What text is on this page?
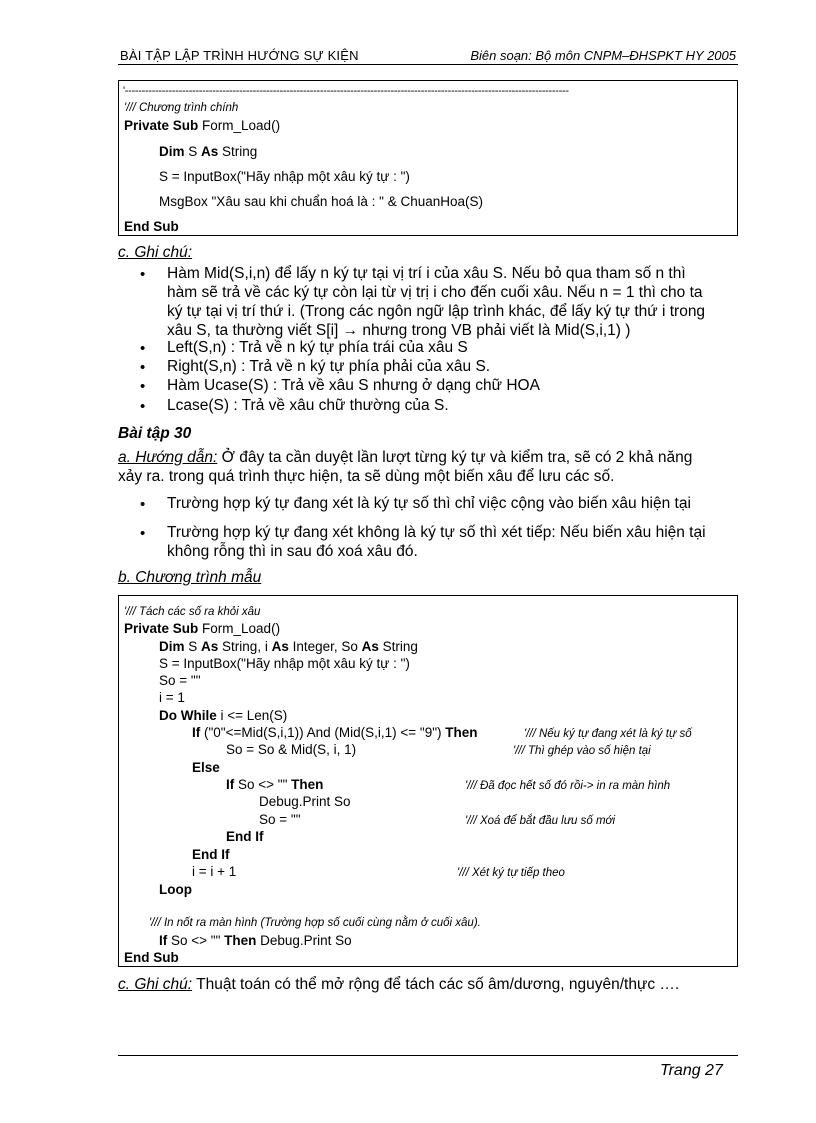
BÀI TẬP LẬP TRÌNH HƯỚNG SỰ KIỆN	Biên soạn: Bộ môn CNPM–ĐHSPKT HY 2005
'------------------------------------------------------------------------------------------------------------------------------------
'/// Chương trình chính
Private Sub Form_Load()
Dim S As String
S = InputBox("Hãy nhập một xâu ký tự : ")
MsgBox "Xâu sau khi chuẩn hoá là : " & ChuanHoa(S)
End Sub
c. Ghi chú:
• Hàm Mid(S,i,n) để lấy n ký tự tại vị trí i của xâu S. Nếu bỏ qua tham số n thì
hàm sẽ trả về các ký tự còn lại từ vị trị i cho đến cuối xâu. Nếu n = 1 thì cho ta
ký tự tại vị trí thứ i. (Trong các ngôn ngữ lập trình khác, để lấy ký tự thứ i trong
xâu S, ta thường viết S[i] → nhưng trong VB phải viết là Mid(S,i,1) )
• Left(S,n) : Trả về n ký tự phía trái của xâu S
• Right(S,n) : Trả về n ký tự phía phải của xâu S.
• Hàm Ucase(S) : Trả về xâu S nhưng ở dạng chữ HOA
• Lcase(S) : Trả về xâu chữ thường của S.
Bài tập 30
a. Hướng dẫn: Ở đây ta cần duyệt lần lượt từng ký tự và kiểm tra, sẽ có 2 khả năng
xảy ra. trong quá trình thực hiện, ta sẽ dùng một biến xâu để lưu các số.
• Trường hợp ký tự đang xét là ký tự số thì chỉ việc cộng vào biến xâu hiện tại
• Trường hợp ký tự đang xét không là ký tự số thì xét tiếp: Nếu biến xâu hiện tại
không rỗng thì in sau đó xoá xâu đó.
b. Chương trình mẫu
'/// Tách các số ra khỏi xâu
Private Sub Form_Load()
Dim S As String, i As Integer, So As String
S = InputBox("Hãy nhập một xâu ký tự : ")
So = ""
i = 1
Do While i <= Len(S)
If ("0"<=Mid(S,i,1)) And (Mid(S,i,1) <= "9") Then	'/// Nếu ký tự đang xét là ký tự số
So = So & Mid(S, i, 1)	'/// Thì ghép vào số hiện tại
Else
If So <> "" Then	'/// Đã đọc hết số đó rồi-> in ra màn hình
Debug.Print So
So = ""	'/// Xoá để bắt đầu lưu số mới
End If
End If
i = i + 1	'/// Xét ký tự tiếp theo
Loop
'/// In nốt ra màn hình (Trường hợp số cuối cùng nằm ở cuối xâu).
If So <> "" Then Debug.Print So
End Sub
c. Ghi chú: Thuật toán có thể mở rộng để tách các số âm/dương, nguyên/thực ….
Trang 27
